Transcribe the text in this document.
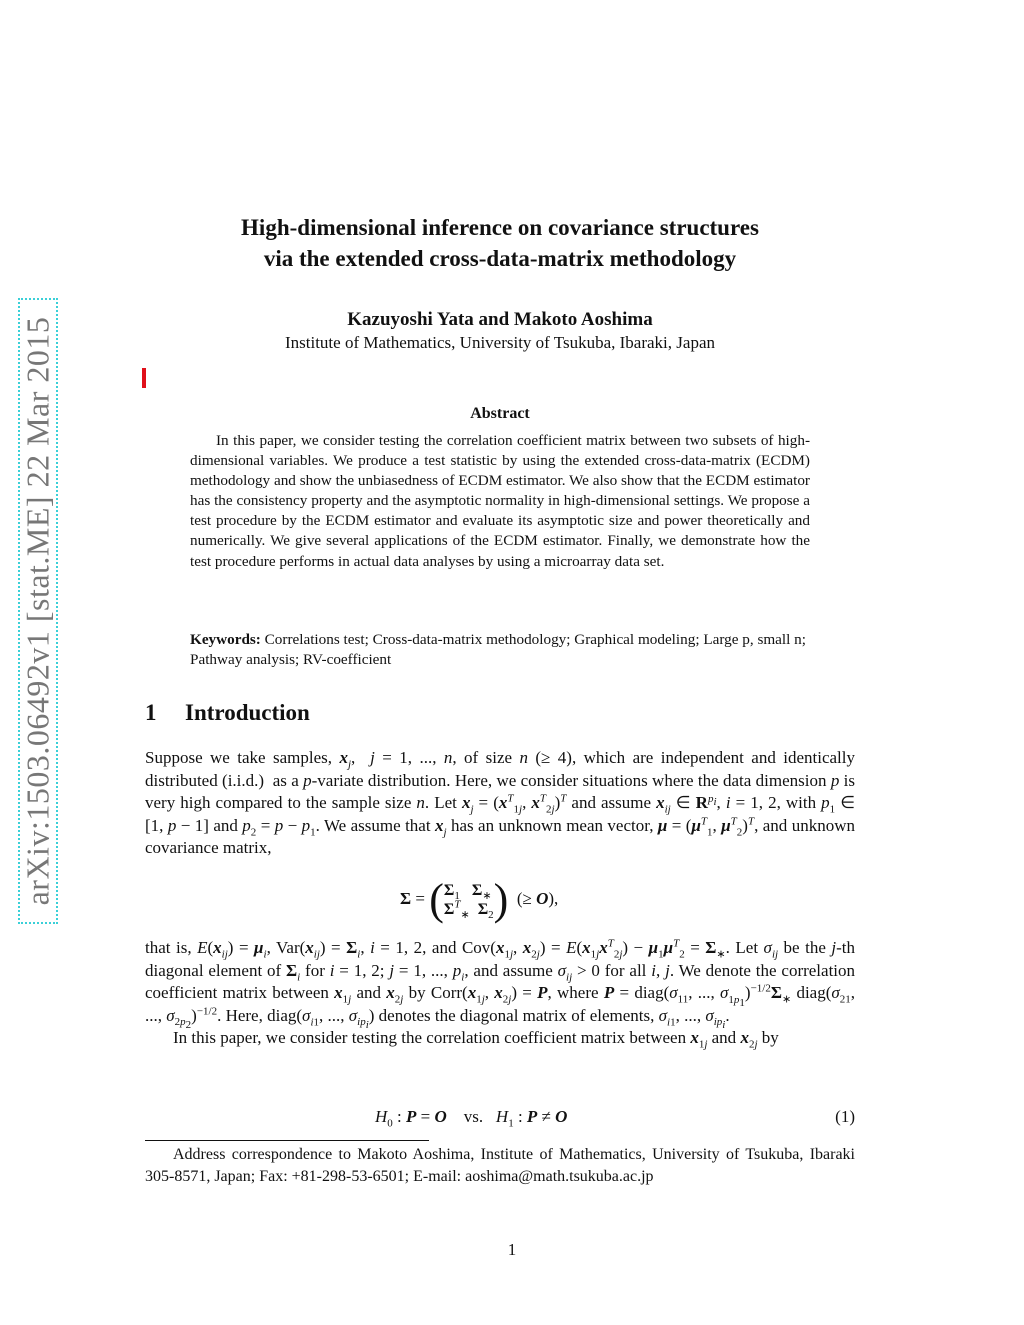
arXiv:1503.06492v1 [stat.ME] 22 Mar 2015
High-dimensional inference on covariance structures
via the extended cross-data-matrix methodology
Kazuyoshi Yata and Makoto Aoshima
Institute of Mathematics, University of Tsukuba, Ibaraki, Japan
Abstract

In this paper, we consider testing the correlation coefficient matrix between two subsets of high-dimensional variables. We produce a test statistic by using the extended cross-data-matrix (ECDM) methodology and show the unbiasedness of ECDM estimator. We also show that the ECDM estimator has the consistency property and the asymptotic normality in high-dimensional settings. We propose a test procedure by the ECDM estimator and evaluate its asymptotic size and power theoretically and numerically. We give several applications of the ECDM estimator. Finally, we demonstrate how the test procedure performs in actual data analyses by using a microarray data set.

Keywords: Correlations test; Cross-data-matrix methodology; Graphical modeling; Large p, small n; Pathway analysis; RV-coefficient
1 Introduction

Suppose we take samples, $x_j$,  j = 1, ..., n, of size n (≥ 4), which are independent and identically distributed (i.i.d.)  as a p-variate distribution. Here, we consider situations where the data dimension p is very high compared to the sample size n. Let $x_j = (x^T_{1j}$, $x^T_{2j})^T$ and assume $x_{ij}$ ∈ $R^{p_i}$, i = 1, 2, with $p_1$ ∈ [1, p − 1] and $p_2 = p - p_1$. We assume that $x_j$ has an unknown mean vector, $\mu = (\mu^T_1$, $\mu^T_2)^T$, and unknown covariance matrix,

$\Sigma = (\Sigma_1$ $\Sigma_∗$
$\Sigma^T_∗$ $\Sigma_2$)  (≥ O),

that is, $E(x_{ij}) = \mu_i$, $Var(x_{ij}) = \Sigma_i$, i = 1, 2, and $Cov(x_{1j}$, $x_{2j}) = E(x_{1j}x^T_{2j}) - \mu_1\mu^T_2 = \Sigma_∗$. Let $\sigma_{ij}$ be the j-th diagonal element of $\Sigma_i$ for i = 1, 2; j = 1, ..., $p_i$, and assume $\sigma_{ij} > 0$ for all i, j. We denote the correlation coefficient matrix between $x_{1j}$ and $x_{2j}$ by $Corr(x_{1j}$, $x_{2j}) = P$, where $P = diag(\sigma_{11}$, ..., $\sigma_{1p_1})^{-1/2}\Sigma_∗$ $diag(\sigma_{21}$, ..., $\sigma_{2p_2})^{-1/2}$. Here, $diag(\sigma_{i1}$, ..., $\sigma_{ip_i}$) denotes the diagonal matrix of elements, $\sigma_{i1}$, ..., $\sigma_{ip_i}$.

In this paper, we consider testing the correlation coefficient matrix between $x_{1j}$ and $x_{2j}$ by

$H_0$ : P = O    vs.   $H_1$ : P ≠ O	(1)

Address correspondence to Makoto Aoshima, Institute of Mathematics, University of Tsukuba, Ibaraki 305-8571, Japan; Fax: +81-298-53-6501; E-mail: aoshima@math.tsukuba.ac.jp

1
